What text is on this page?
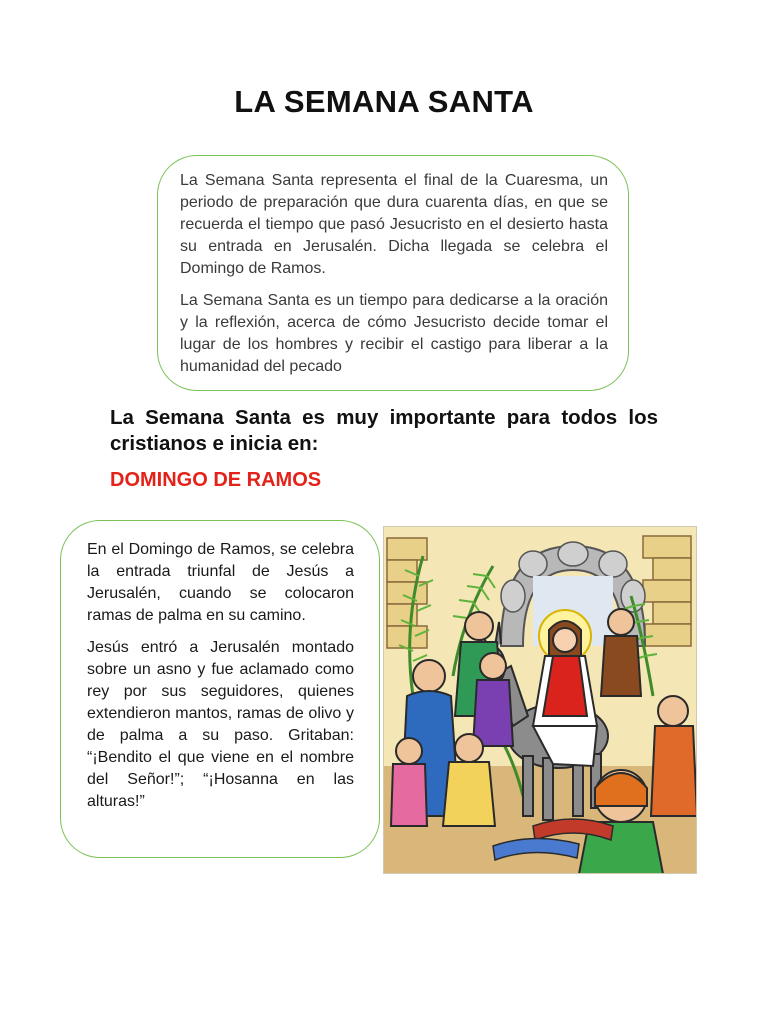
LA SEMANA SANTA

La Semana Santa representa el final de la Cuaresma, un periodo de preparación que dura cuarenta días, en que se recuerda el tiempo que pasó Jesucristo en el desierto hasta su entrada en Jerusalén. Dicha llegada se celebra el Domingo de Ramos.

La Semana Santa es un tiempo para dedicarse a la oración y la reflexión, acerca de cómo Jesucristo decide tomar el lugar de los hombres y recibir el castigo para liberar a la humanidad del pecado

La Semana Santa es muy importante para todos los cristianos e inicia en:
DOMINGO DE RAMOS

En el Domingo de Ramos, se celebra la entrada triunfal de Jesús a Jerusalén, cuando se colocaron ramas de palma en su camino.

Jesús entró a Jerusalén montado sobre un asno y fue aclamado como rey por sus seguidores, quienes extendieron mantos, ramas de olivo y de palma a su paso. Gritaban: “¡Bendito el que viene en el nombre del Señor!”; “¡Hosanna en las alturas!”
